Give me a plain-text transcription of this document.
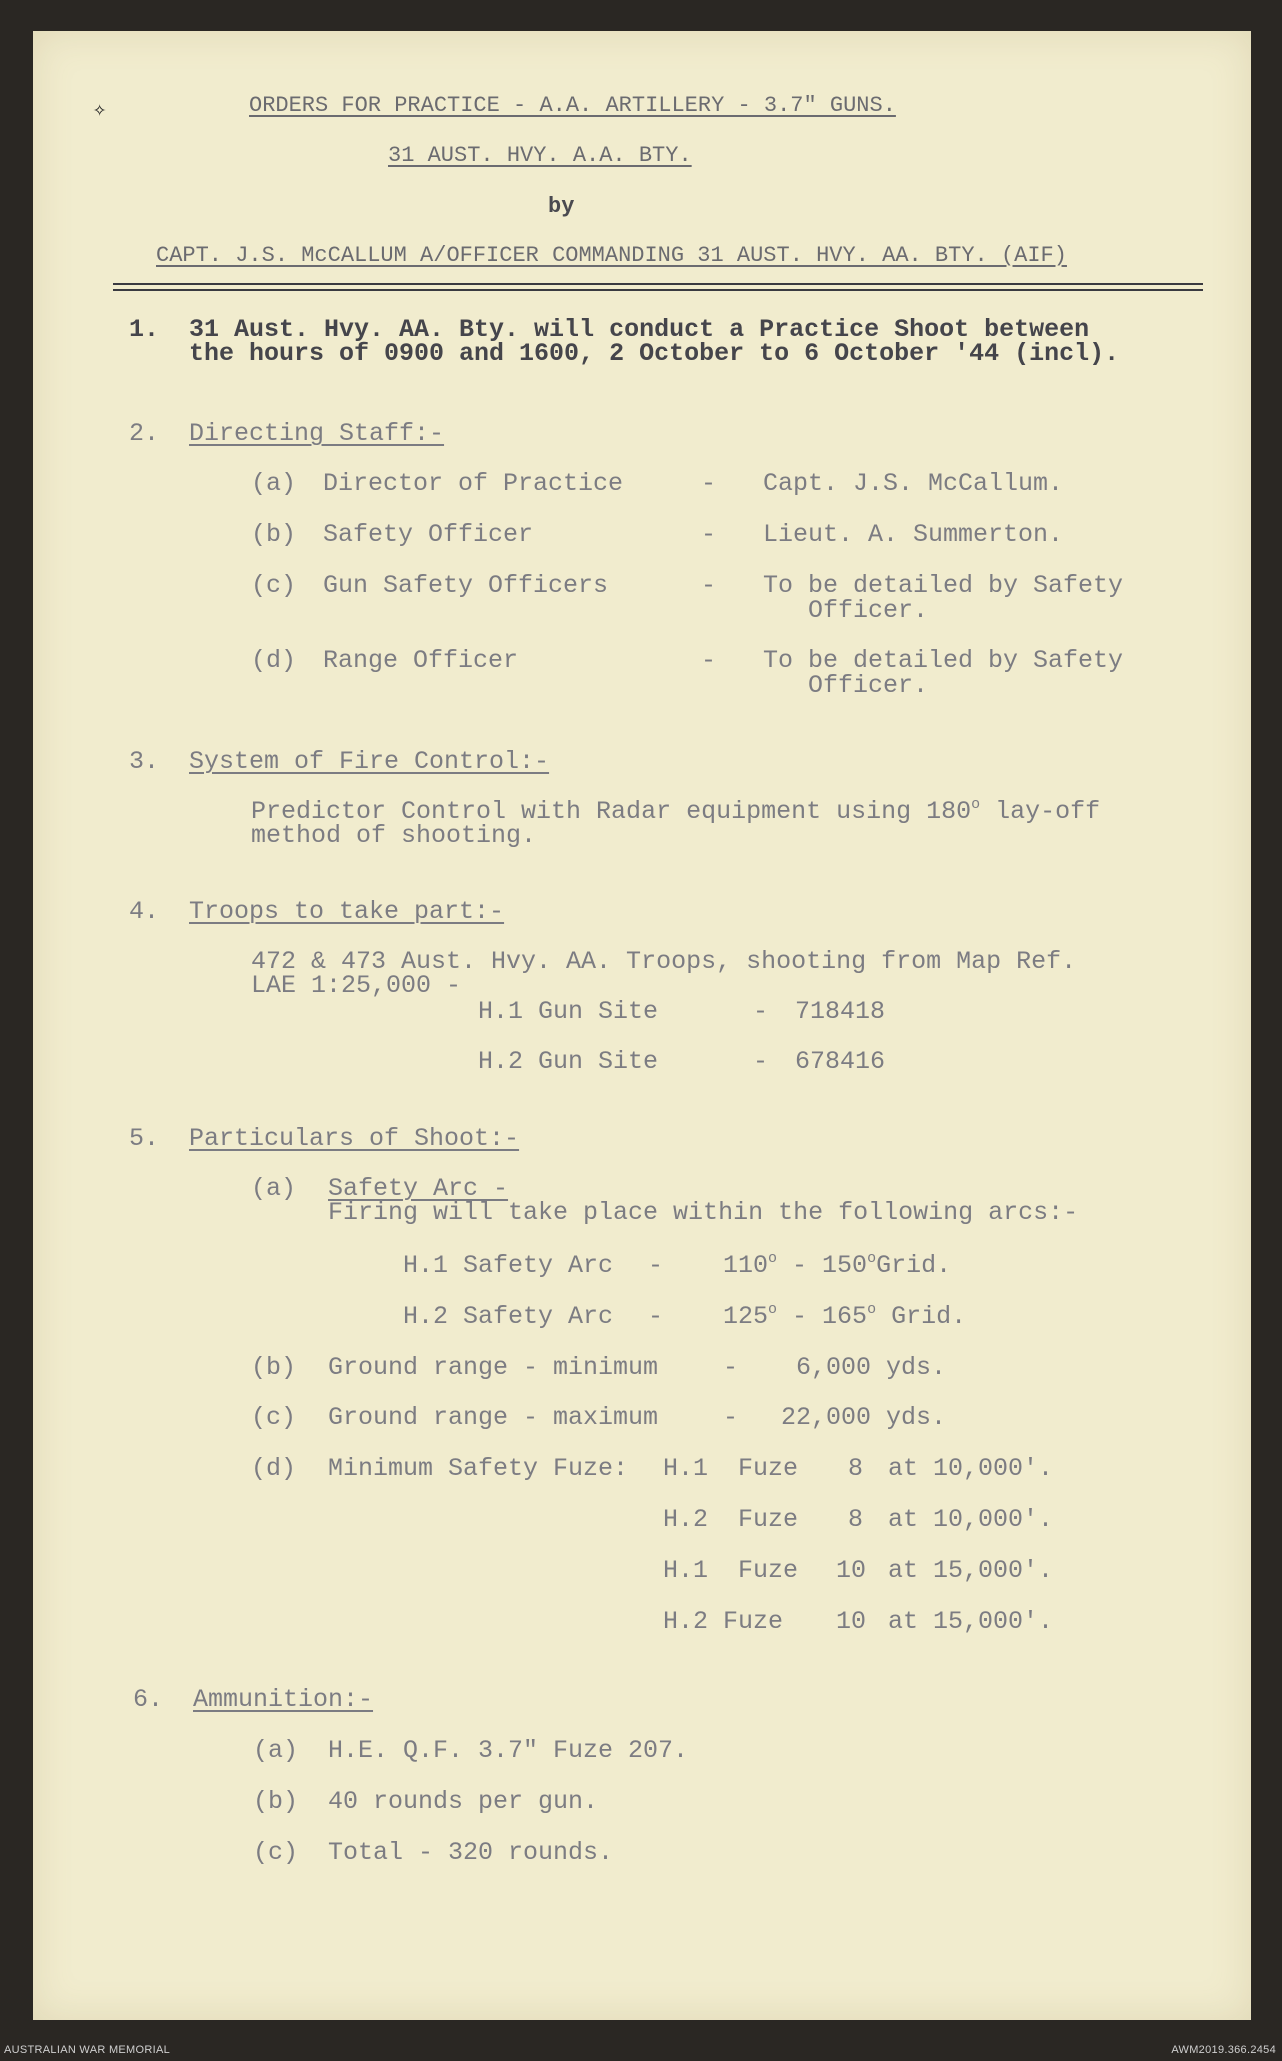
✧	ORDERS FOR PRACTICE - A.A. ARTILLERY - 3.7" GUNS.
31 AUST. HVY. A.A. BTY.
by
CAPT. J.S. McCALLUM A/OFFICER COMMANDING 31 AUST. HVY. AA. BTY. (AIF)
1. 31 Aust. Hvy. AA. Bty. will conduct a Practice Shoot between
the hours of 0900 and 1600, 2 October to 6 October '44 (incl).
2. Directing Staff:-
(a) Director of Practice	- Capt. J.S. McCallum.
(b) Safety Officer	- Lieut. A. Summerton.
(c) Gun Safety Officers	- To be detailed by Safety
Officer.
(d) Range Officer	- To be detailed by Safety
Officer.
3. System of Fire Control:-
Predictor Control with Radar equipment using 180$^o$ lay-off
method of shooting.
4. Troops to take part:-
472 & 473 Aust. Hvy. AA. Troops, shooting from Map Ref.
LAE 1:25,000 -
H.1 Gun Site	- 718418
H.2 Gun Site	- 678416
5. Particulars of Shoot:-
(a) Safety Arc -
Firing will take place within the following arcs:-
H.1 Safety Arc - 110$^o$ - 150$^o$Grid.
H.2 Safety Arc - 125$^o$ - 165$^o$ Grid.
(b) Ground range - minimum	- 6,000 yds.
(c) Ground range - maximum	- 22,000 yds.
(d) Minimum Safety Fuze: H.1 Fuze 8 at 10,000'.
H.2 Fuze 8 at 10,000'.
H.1 Fuze 10 at 15,000'.
H.2 Fuze 10 at 15,000'.
6. Ammunition:-
(a) H.E. Q.F. 3.7" Fuze 207.
(b) 40 rounds per gun.
(c) Total - 320 rounds.
AUSTRALIAN WAR MEMORIAL	AWM2019.366.2454
